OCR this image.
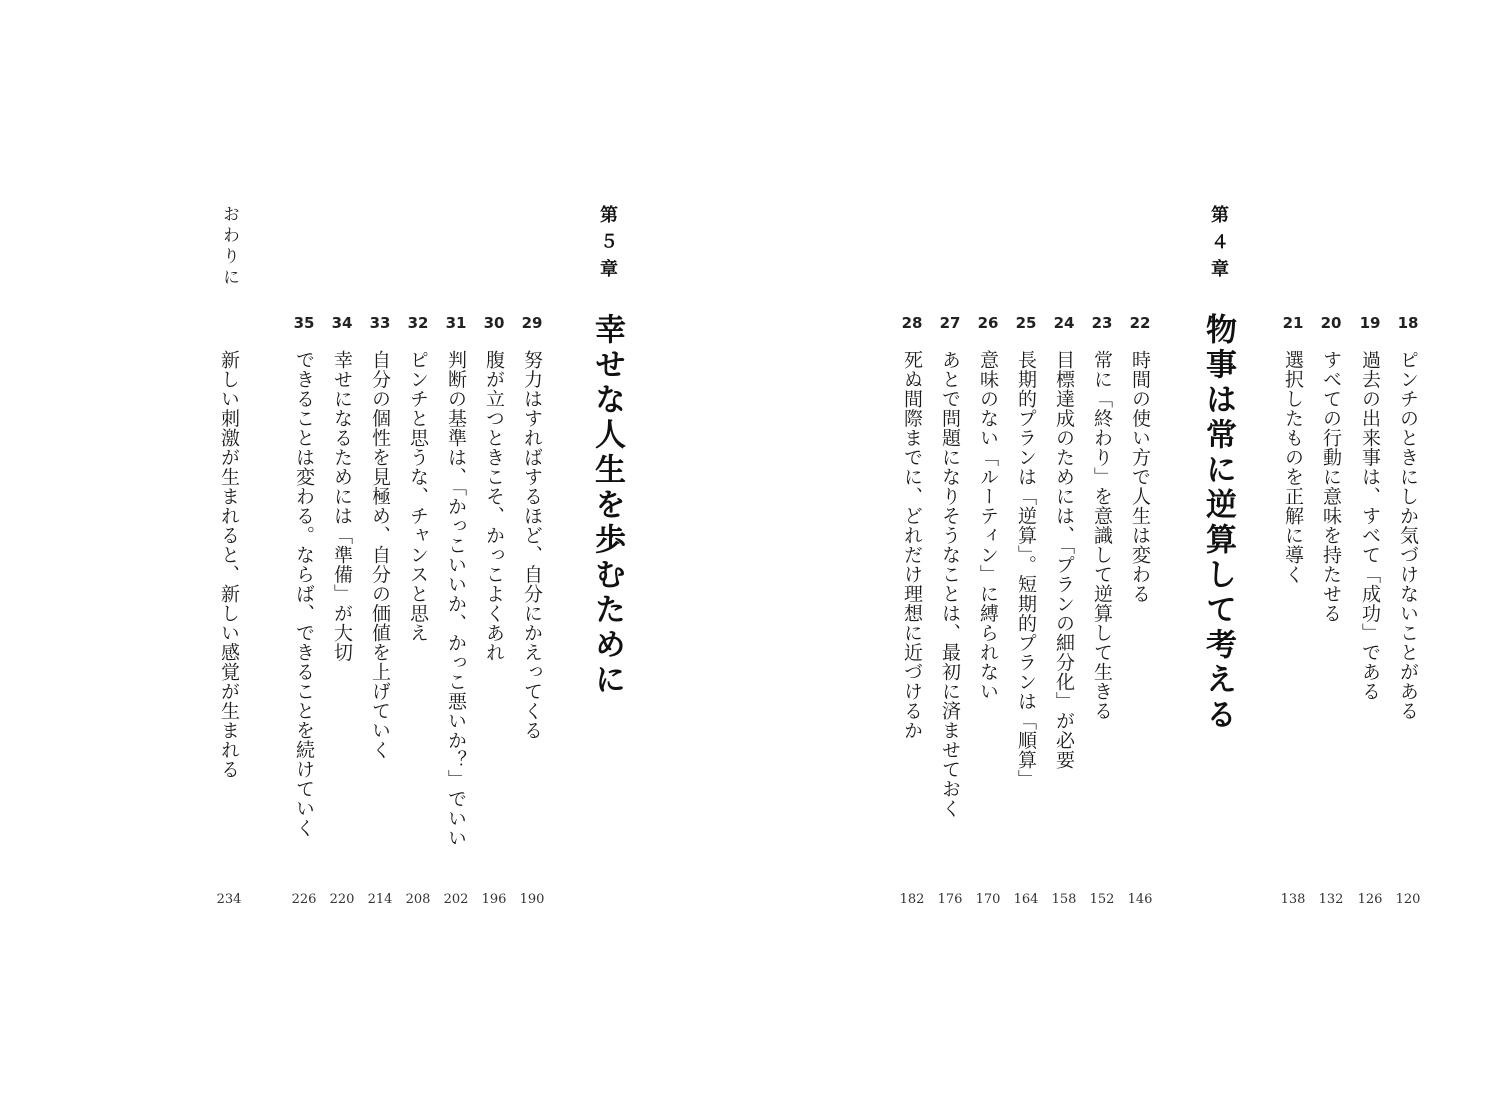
第４章
物事は常に逆算して考える	18
ピンチのときにしか気づけないことがある
120
19
過去の出来事は、すべて「成功」である
126
20
すべての行動に意味を持たせる
132
21
選択したものを正解に導く
138
22
時間の使い方で人生は変わる
146
23
常に「終わり」を意識して逆算して生きる
152
24
目標達成のためには、「プランの細分化」が必要
158
25
長期的プランは「逆算」。短期的プランは「順算」
164
26
意味のない「ルーティン」に縛られない
170
27
あとで問題になりそうなことは、最初に済ませておく
176
28
死ぬ間際までに、どれだけ理想に近づけるか
182
第５章
幸せな人生を歩むために
29
努力はすればするほど、自分にかえってくる
190
30
腹が立つときこそ、かっこよくあれ
196
31
判断の基準は、「かっこいいか、かっこ悪いか？」でいい
202
32
ピンチと思うな、チャンスと思え
208
33
自分の個性を見極め、自分の価値を上げていく
214
34
幸せになるためには「準備」が大切
220
35
できることは変わる。ならば、できることを続けていく
226
おわりに
新しい刺激が生まれると、新しい感覚が生まれる
234
